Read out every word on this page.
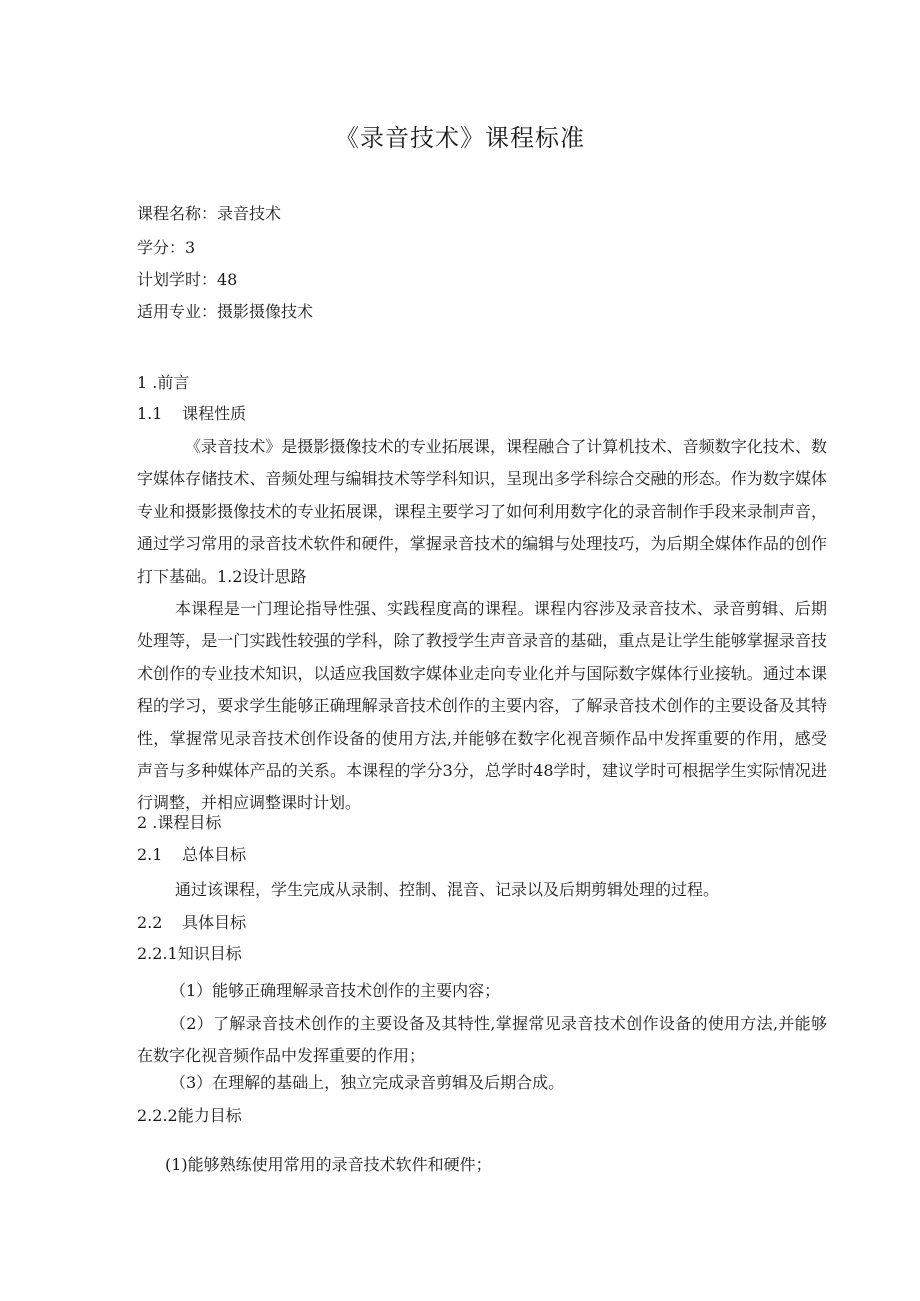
《录音技术》课程标准

课程名称：录音技术

学分：3

计划学时：48

适用专业：摄影摄像技术

1 .前言

1.1 课程性质

《录音技术》是摄影摄像技术的专业拓展课，课程融合了计算机技术、音频数字化技术、数字媒体存储技术、音频处理与编辑技术等学科知识，呈现出多学科综合交融的形态。作为数字媒体专业和摄影摄像技术的专业拓展课，课程主要学习了如何利用数字化的录音制作手段来录制声音，通过学习常用的录音技术软件和硬件，掌握录音技术的编辑与处理技巧，为后期全媒体作品的创作打下基础。1.2设计思路

本课程是一门理论指导性强、实践程度高的课程。课程内容涉及录音技术、录音剪辑、后期处理等，是一门实践性较强的学科，除了教授学生声音录音的基础，重点是让学生能够掌握录音技术创作的专业技术知识，以适应我国数字媒体业走向专业化并与国际数字媒体行业接轨。通过本课程的学习，要求学生能够正确理解录音技术创作的主要内容，了解录音技术创作的主要设备及其特性，掌握常见录音技术创作设备的使用方法,并能够在数字化视音频作品中发挥重要的作用，感受声音与多种媒体产品的关系。本课程的学分3分，总学时48学时，建议学时可根据学生实际情况进行调整，并相应调整课时计划。

2 .课程目标

2.1 总体目标

通过该课程，学生完成从录制、控制、混音、记录以及后期剪辑处理的过程。

2.2 具体目标

2.2.1知识目标

（1）能够正确理解录音技术创作的主要内容；

（2）了解录音技术创作的主要设备及其特性,掌握常见录音技术创作设备的使用方法,并能够在数字化视音频作品中发挥重要的作用；

（3）在理解的基础上，独立完成录音剪辑及后期合成。

2.2.2能力目标

(1)能够熟练使用常用的录音技术软件和硬件；
